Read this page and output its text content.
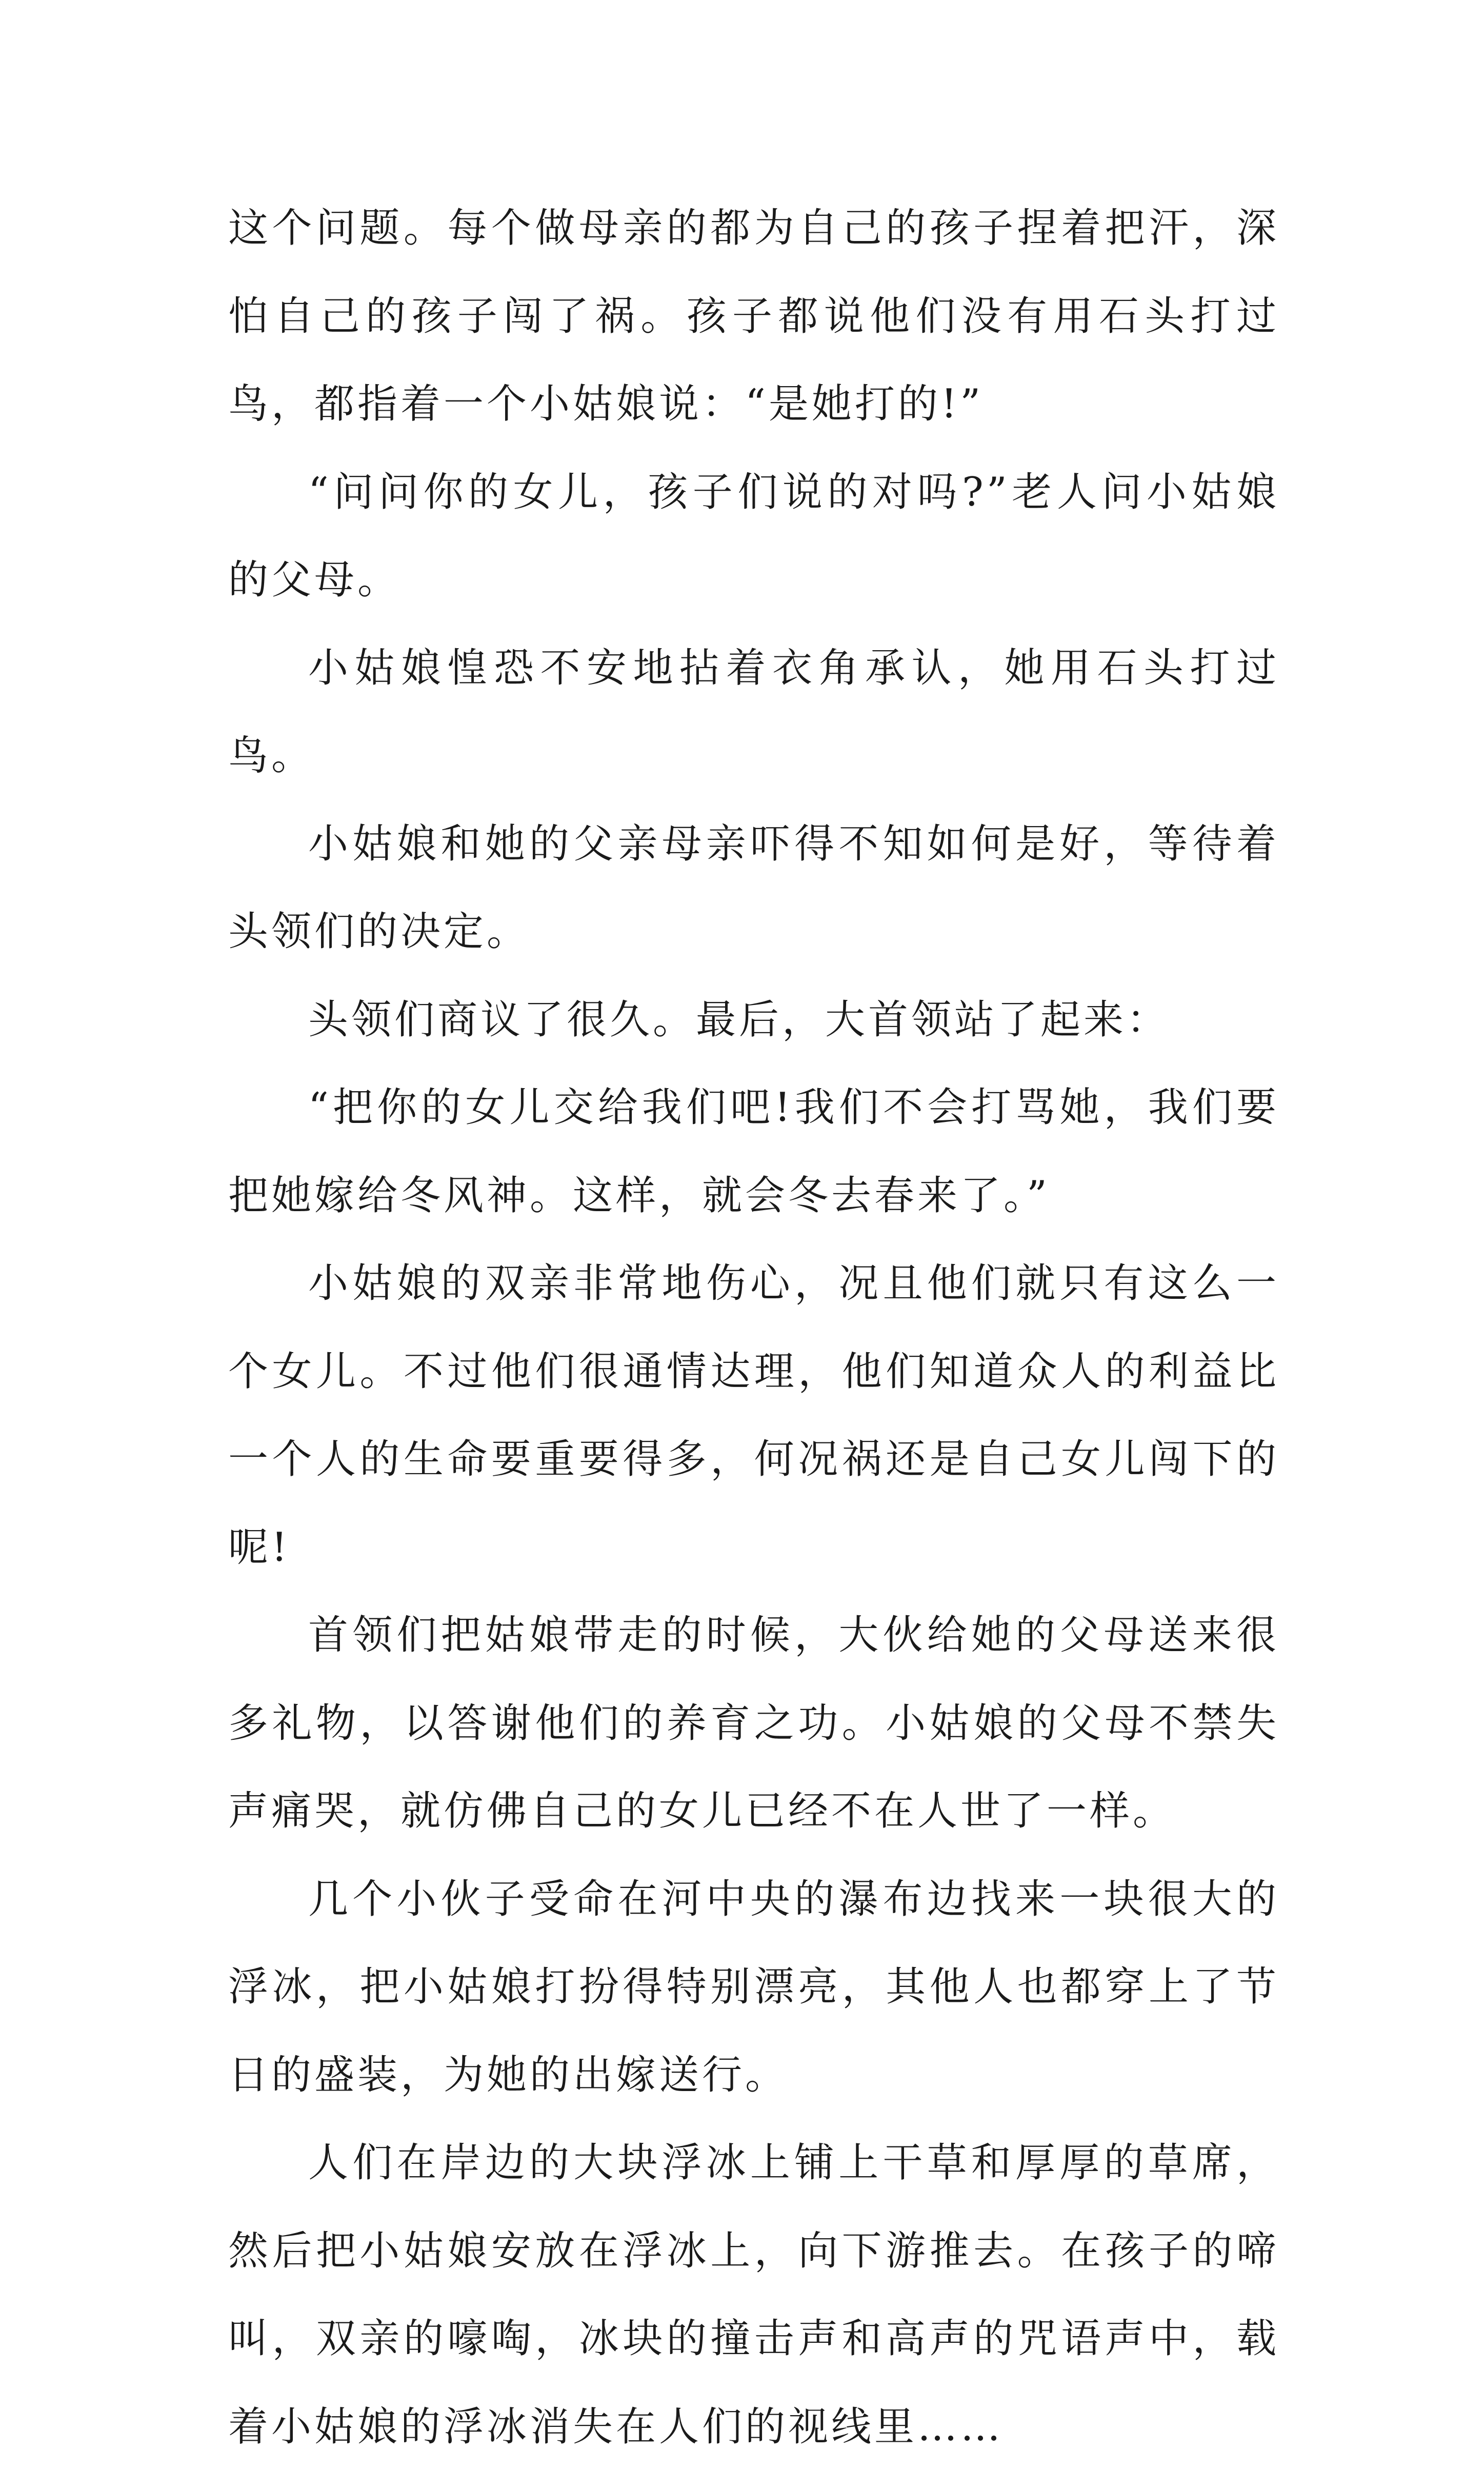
这个问题。每个做母亲的都为自己的孩子捏着把汗，深怕自己的孩子闯了祸。孩子都说他们没有用石头打过鸟，都指着一个小姑娘说：“是她打的!”

“问问你的女儿，孩子们说的对吗?”老人问小姑娘的父母。

小姑娘惶恐不安地拈着衣角承认，她用石头打过鸟。

小姑娘和她的父亲母亲吓得不知如何是好，等待着头领们的决定。

头领们商议了很久。最后，大首领站了起来：

“把你的女儿交给我们吧!我们不会打骂她，我们要把她嫁给冬风神。这样，就会冬去春来了。”

小姑娘的双亲非常地伤心，况且他们就只有这么一个女儿。不过他们很通情达理，他们知道众人的利益比一个人的生命要重要得多，何况祸还是自己女儿闯下的呢!

首领们把姑娘带走的时候，大伙给她的父母送来很多礼物，以答谢他们的养育之功。小姑娘的父母不禁失声痛哭，就仿佛自己的女儿已经不在人世了一样。

几个小伙子受命在河中央的瀑布边找来一块很大的浮冰，把小姑娘打扮得特别漂亮，其他人也都穿上了节日的盛装，为她的出嫁送行。

人们在岸边的大块浮冰上铺上干草和厚厚的草席，然后把小姑娘安放在浮冰上，向下游推去。在孩子的啼叫，双亲的嚎啕，冰块的撞击声和高声的咒语声中，载着小姑娘的浮冰消失在人们的视线里……
